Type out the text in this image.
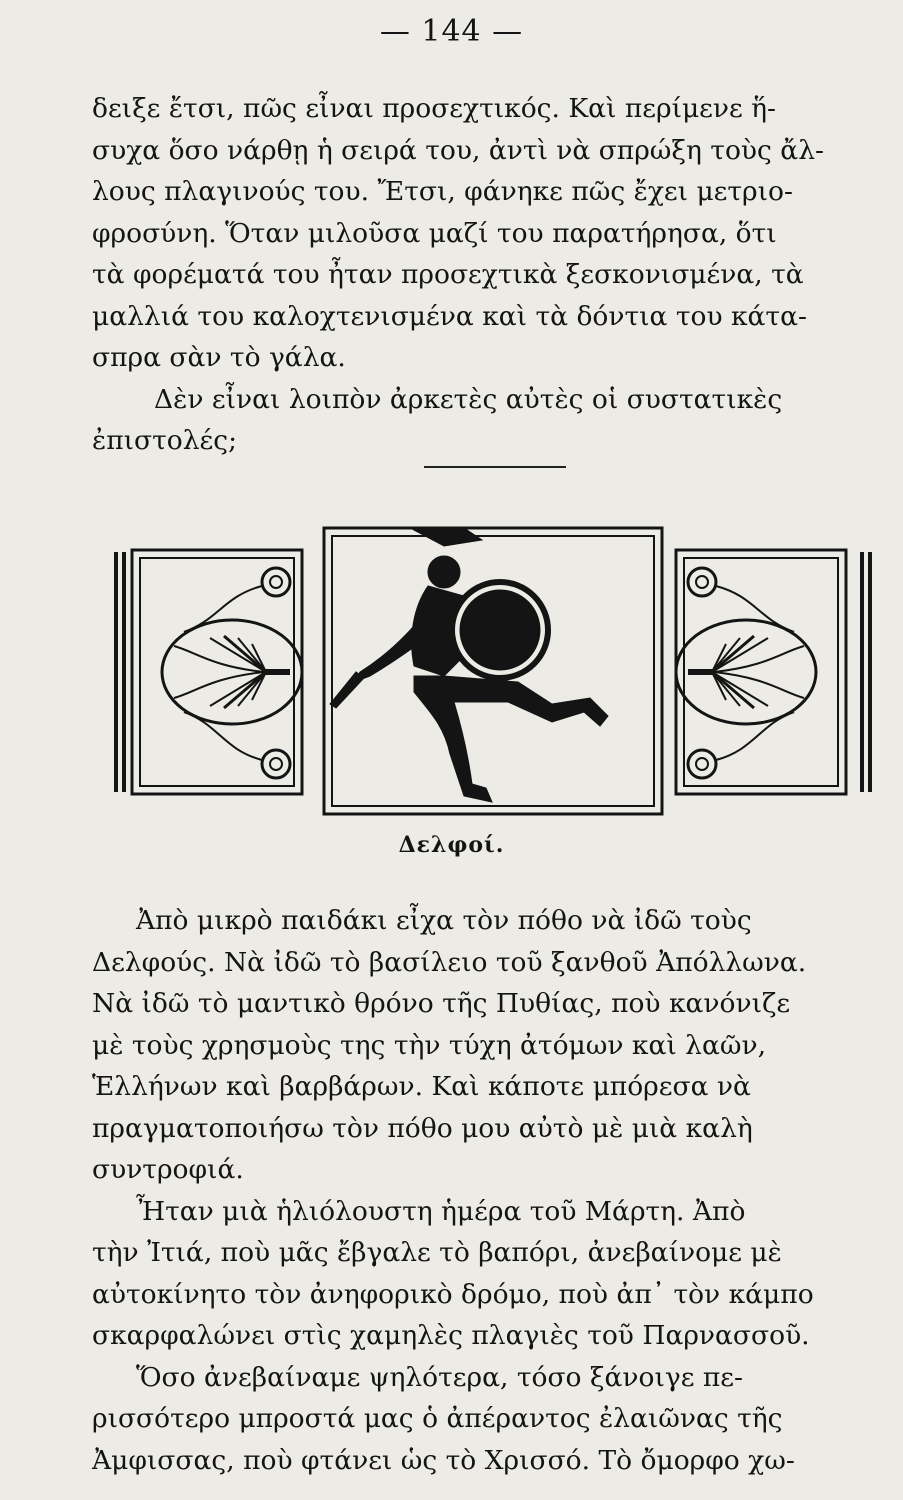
— 144 —
δειξε ἔτσι, πῶς εἶναι προσεχτικός. Καὶ περίμενε ἥ-
συχα ὅσο νάρθῃ ἡ σειρά του, ἀντὶ νὰ σπρώξη τοὺς ἄλ-
λους πλαγινούς του. Ἔτσι, φάνηκε πῶς ἔχει μετριο-
φροσύνη. Ὅταν μιλοῦσα μαζί του παρατήρησα, ὅτι
τὰ φορέματά του ἦταν προσεχτικὰ ξεσκονισμένα, τὰ
μαλλιά του καλοχτενισμένα καὶ τὰ δόντια του κάτα-
σπρα σὰν τὸ γάλα.
Δὲν εἶναι λοιπὸν ἀρκετὲς αὐτὲς οἱ συστατικὲς
ἐπιστολές;
Δελφοί.
Ἀπὸ μικρὸ παιδάκι εἶχα τὸν πόθο νὰ ἰδῶ τοὺς
Δελφούς. Νὰ ἰδῶ τὸ βασίλειο τοῦ ξανθοῦ Ἀπόλλωνα.
Νὰ ἰδῶ τὸ μαντικὸ θρόνο τῆς Πυθίας, ποὺ κανόνιζε
μὲ τοὺς χρησμοὺς της τὴν τύχη ἀτόμων καὶ λαῶν,
Ἑλλήνων καὶ βαρβάρων. Καὶ κάποτε μπόρεσα νὰ
πραγματοποιήσω τὸν πόθο μου αὐτὸ μὲ μιὰ καλὴ
συντροφιά.
Ἦταν μιὰ ἡλιόλουστη ἡμέρα τοῦ Μάρτη. Ἀπὸ
τὴν Ἰτιά, ποὺ μᾶς ἔβγαλε τὸ βαπόρι, ἀνεβαίνομε μὲ
αὐτοκίνητο τὸν ἀνηφορικὸ δρόμο, ποὺ ἀπ᾽ τὸν κάμπο
σκαρφαλώνει στὶς χαμηλὲς πλαγιὲς τοῦ Παρνασσοῦ.
Ὅσο ἀνεβαίναμε ψηλότερα, τόσο ξάνοιγε πε-
ρισσότερο μπροστά μας ὁ ἀπέραντος ἐλαιῶνας τῆς
Ἀμφισσας, ποὺ φτάνει ὡς τὸ Χρισσό. Τὸ ὄμορφο χω-
